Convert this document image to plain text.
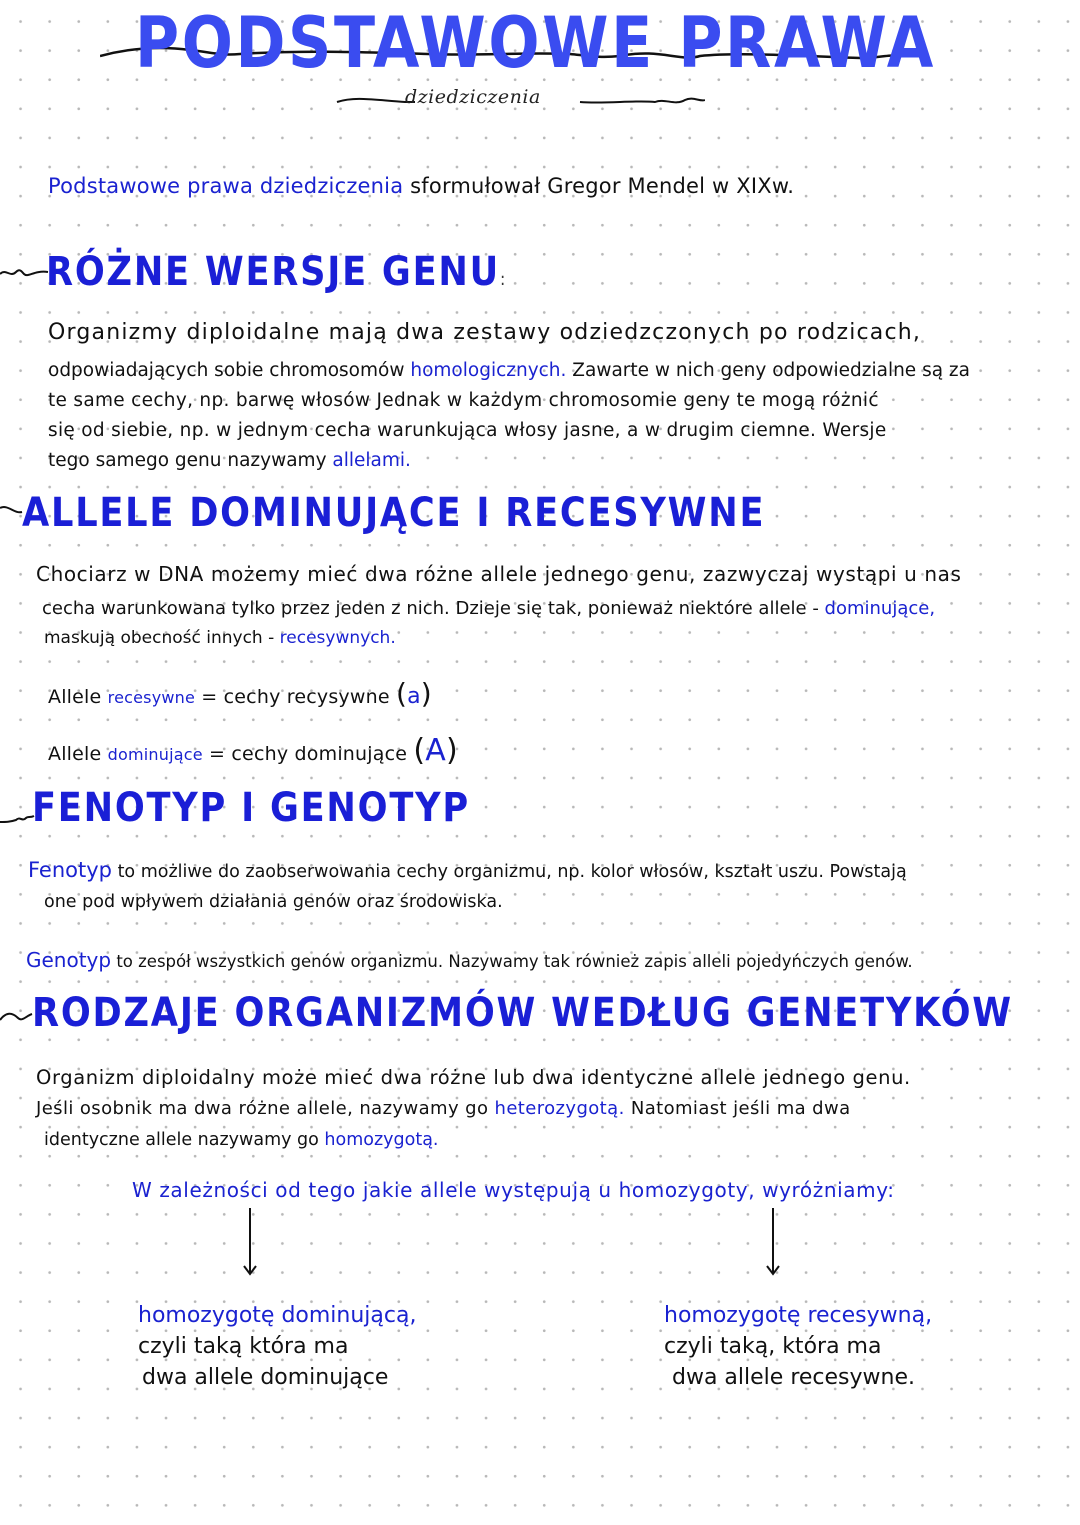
PODSTAWOWE PRAWA
dziedziczenia
Podstawowe prawa dziedziczenia sformułował Gregor Mendel w XIXw.
RÓŻNE WERSJE GENU:
Organizmy diploidalne mają dwa zestawy odziedzczonych po rodzicach,
odpowiadających sobie chromosomów homologicznych. Zawarte w nich geny odpowiedzialne są za
te same cechy, np. barwę włosów Jednak w każdym chromosomie geny te mogą różnić
się od siebie, np. w jednym cecha warunkująca włosy jasne, a w drugim ciemne. Wersje
tego samego genu nazywamy allelami.
ALLELE DOMINUJĄCE I RECESYWNE
Chociarz w DNA możemy mieć dwa różne allele jednego genu, zazwyczaj wystąpi u nas
cecha warunkowana tylko przez jeden z nich. Dzieje się tak, ponieważ niektóre allele - dominujące,
maskują obecność innych - recesywnych.
Allele recesywne = cechy recysywne (a)
Allele dominujące = cechy dominujące (A)
FENOTYP I GENOTYP
Fenotyp to możliwe do zaobserwowania cechy organizmu, np. kolor włosów, kształt uszu. Powstają
one pod wpływem działania genów oraz środowiska.
Genotyp to zespół wszystkich genów organizmu. Nazywamy tak również zapis alleli pojedyńczych genów.
RODZAJE ORGANIZMÓW WEDŁUG GENETYKÓW
Organizm diploidalny może mieć dwa różne lub dwa identyczne allele jednego genu.
Jeśli osobnik ma dwa różne allele, nazywamy go heterozygotą. Natomiast jeśli ma dwa
identyczne allele nazywamy go homozygotą.
W zależności od tego jakie allele występują u homozygoty, wyróżniamy:
homozygotę dominującą,
czyli taką która ma
dwa allele dominujące
homozygotę recesywną,
czyli taką, która ma
dwa allele recesywne.
